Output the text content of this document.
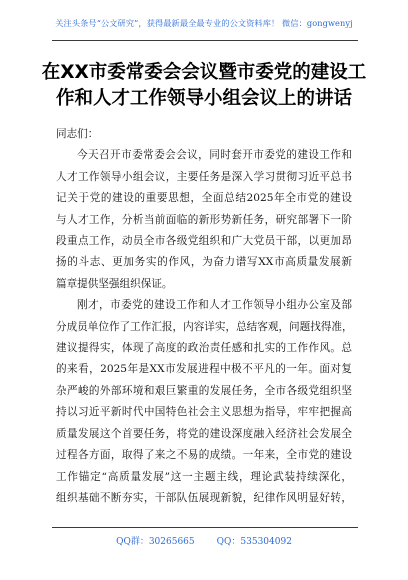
关注头条号“公文研究”，获得最新最全最专业的公文资料库！ 微信：gongwenyj
在XX市委常委会会议暨市委党的建设工
作和人才工作领导小组会议上的讲话

同志们：

今天召开市委常委会会议，同时套开市委党的建设工作和
人才工作领导小组会议，主要任务是深入学习贯彻习近平总书
记关于党的建设的重要思想，全面总结2025年全市党的建设
与人才工作，分析当前面临的新形势新任务，研究部署下一阶
段重点工作，动员全市各级党组织和广大党员干部，以更加昂
扬的斗志、更加务实的作风，为奋力谱写XX市高质量发展新
篇章提供坚强组织保证。

刚才，市委党的建设工作和人才工作领导小组办公室及部
分成员单位作了工作汇报，内容详实，总结客观，问题找得准，
建议提得实，体现了高度的政治责任感和扎实的工作作风。总
的来看，2025年是XX市发展进程中极不平凡的一年。面对复
杂严峻的外部环境和艰巨繁重的发展任务，全市各级党组织坚
持以习近平新时代中国特色社会主义思想为指导，牢牢把握高
质量发展这个首要任务，将党的建设深度融入经济社会发展全
过程各方面，取得了来之不易的成绩。一年来，全市党的建设
工作锚定“高质量发展”这一主题主线，理论武装持续深化，
组织基础不断夯实，干部队伍展现新貌，纪律作风明显好转，

QQ群：30265665 QQ：535304092
